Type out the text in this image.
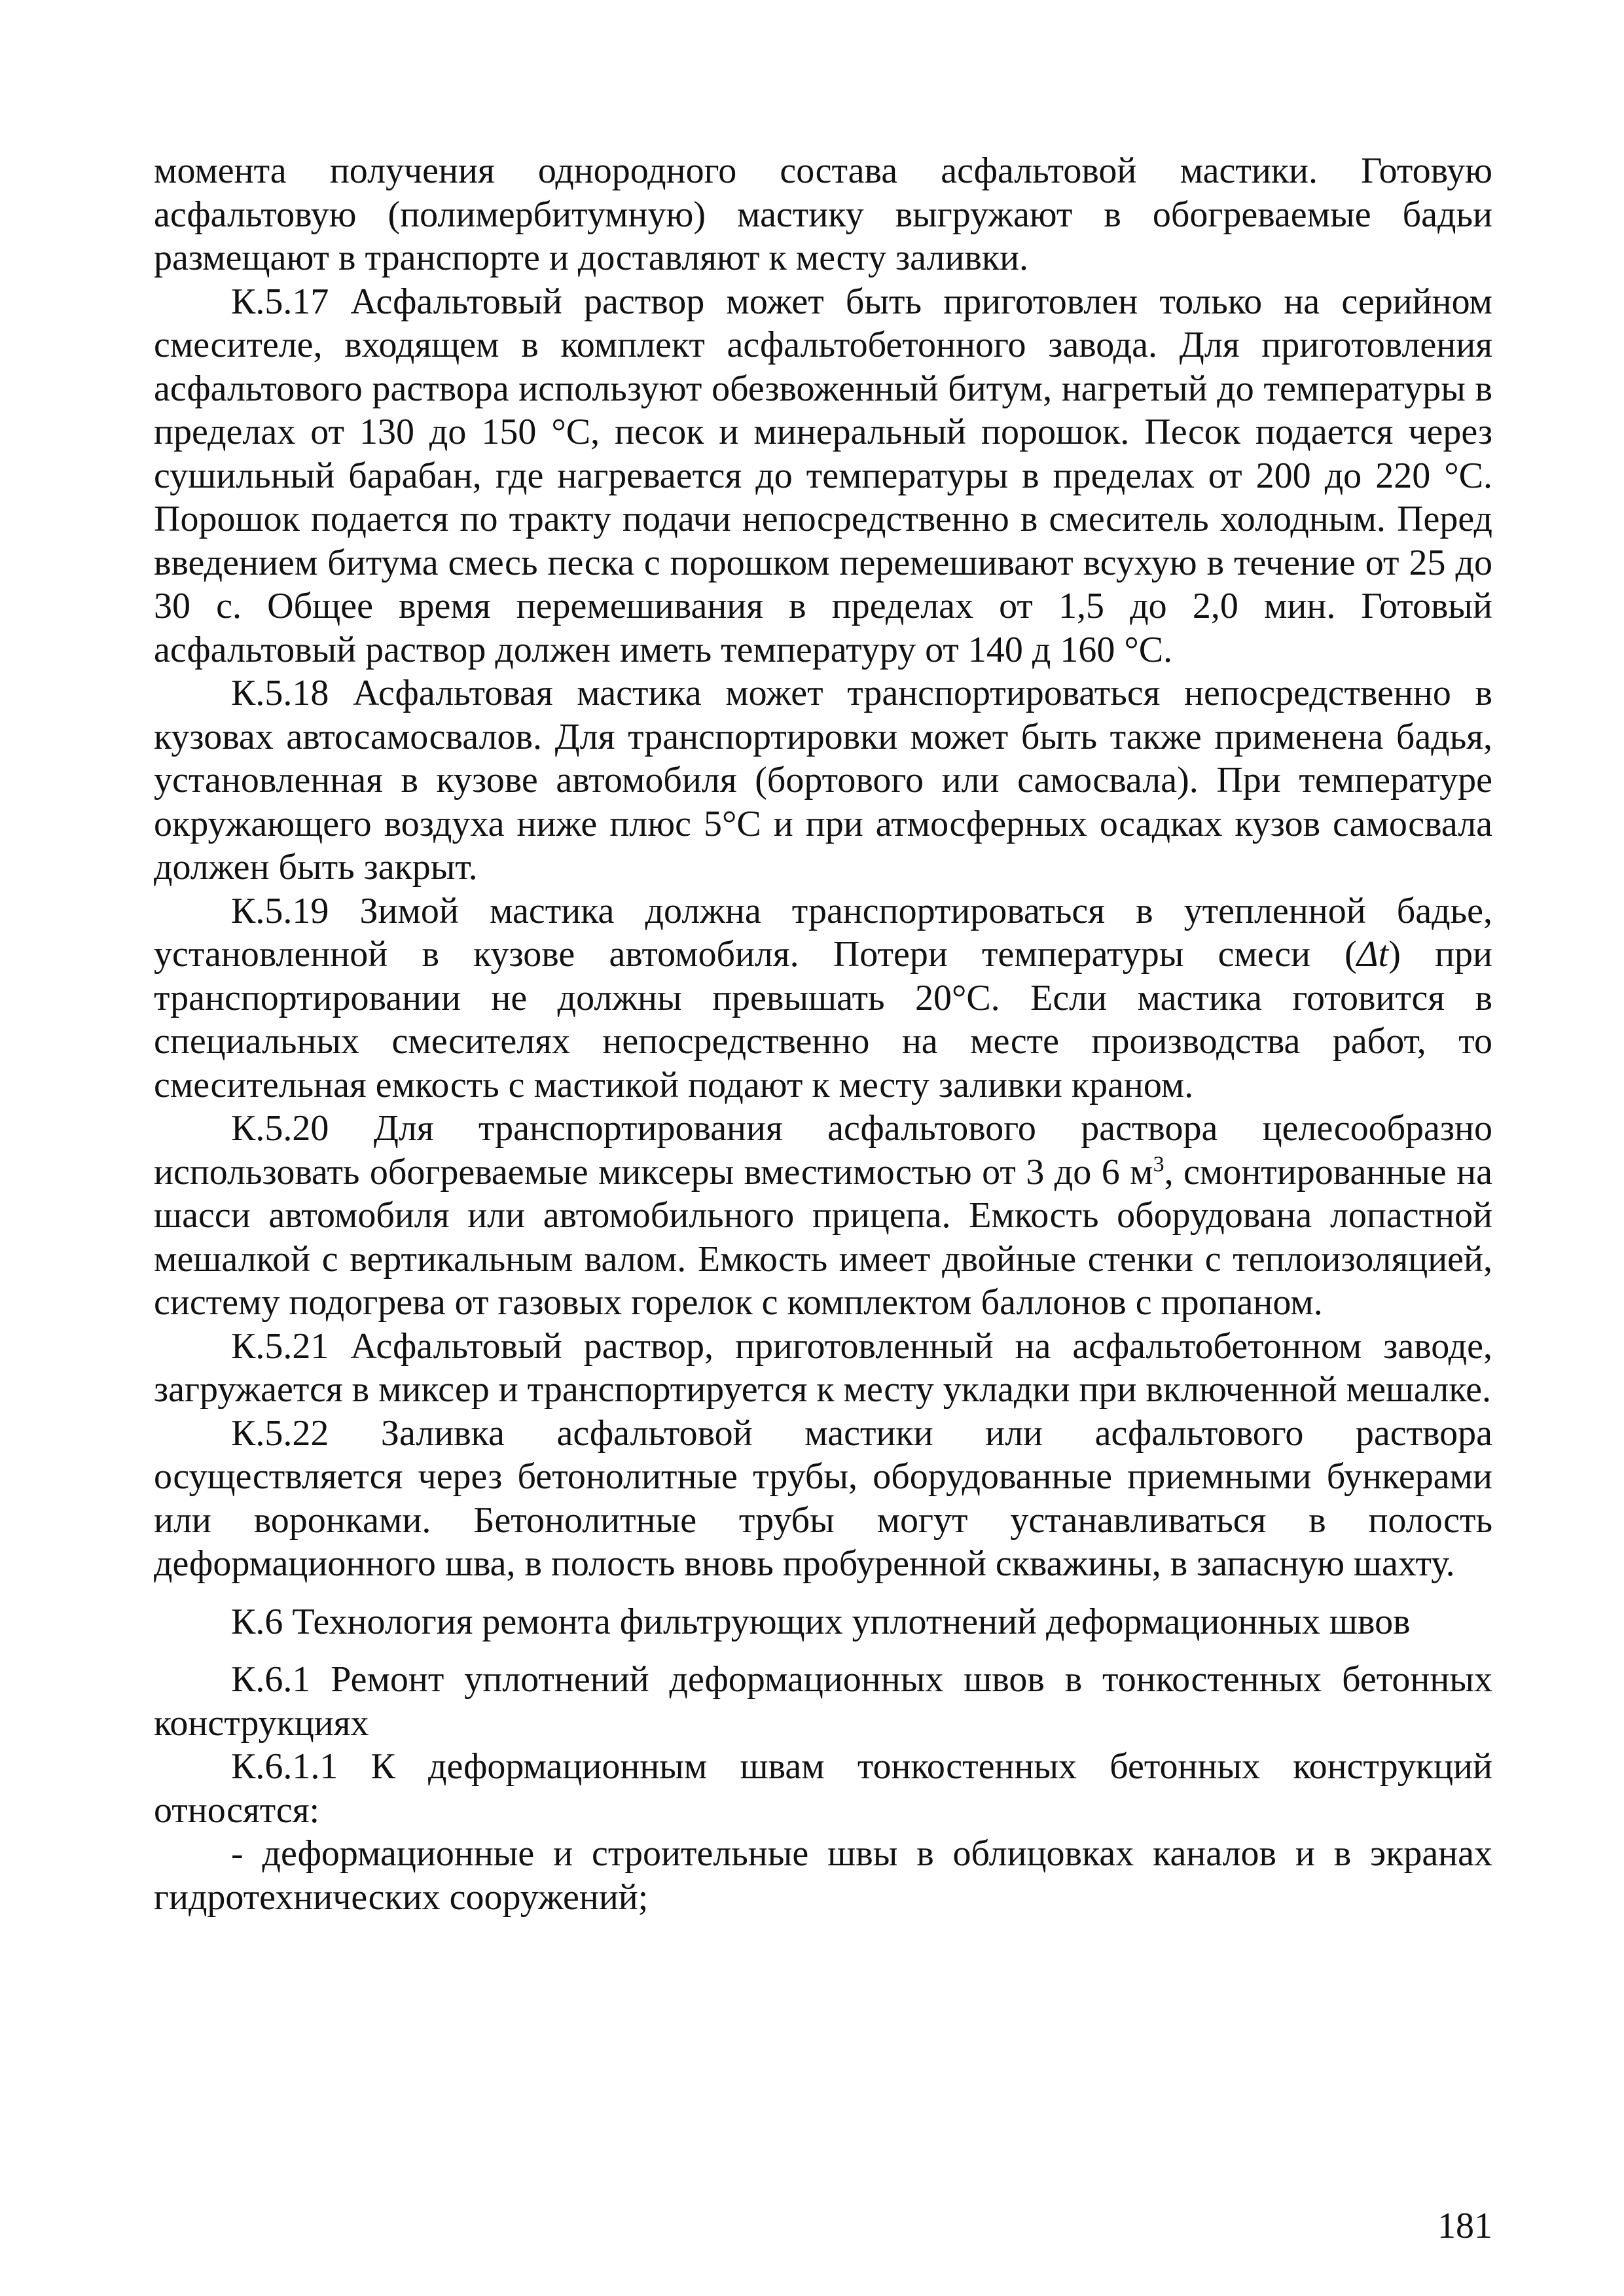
момента получения однородного состава асфальтовой мастики. Готовую асфальтовую (полимербитумную) мастику выгружают в обогреваемые бадьи размещают в транспорте и доставляют к месту заливки.

К.5.17 Асфальтовый раствор может быть приготовлен только на серийном смесителе, входящем в комплект асфальтобетонного завода. Для приготовления асфальтового раствора используют обезвоженный битум, нагретый до температуры в пределах от 130 до 150 °С, песок и минеральный порошок. Песок подается через сушильный барабан, где нагревается до температуры в пределах от 200 до 220 °С. Порошок подается по тракту подачи непосредственно в смеситель холодным. Перед введением битума смесь песка с порошком перемешивают всухую в течение от 25 до 30 с. Общее время перемешивания в пределах от 1,5 до 2,0 мин. Готовый асфальтовый раствор должен иметь температуру от 140 д 160 °С.

К.5.18 Асфальтовая мастика может транспортироваться непосредственно в кузовах автосамосвалов. Для транспортировки может быть также применена бадья, установленная в кузове автомобиля (бортового или самосвала). При температуре окружающего воздуха ниже плюс 5°С и при атмосферных осадках кузов самосвала должен быть закрыт.

К.5.19 Зимой мастика должна транспортироваться в утепленной бадье, установленной в кузове автомобиля. Потери температуры смеси (Δt) при транспортировании не должны превышать 20°С. Если мастика готовится в специальных смесителях непосредственно на месте производства работ, то смесительная емкость с мастикой подают к месту заливки краном.

К.5.20 Для транспортирования асфальтового раствора целесообразно использовать обогреваемые миксеры вместимостью от 3 до 6 $м^3$, смонтированные на шасси автомобиля или автомобильного прицепа. Емкость оборудована лопастной мешалкой с вертикальным валом. Емкость имеет двойные стенки с теплоизоляцией, систему подогрева от газовых горелок с комплектом баллонов с пропаном.

К.5.21 Асфальтовый раствор, приготовленный на асфальтобетонном заводе, загружается в миксер и транспортируется к месту укладки при включенной мешалке.

К.5.22 Заливка асфальтовой мастики или асфальтового раствора осуществляется через бетонолитные трубы, оборудованные приемными бункерами или воронками. Бетонолитные трубы могут устанавливаться в полость деформационного шва, в полость вновь пробуренной скважины, в запасную шахту.

К.6 Технология ремонта фильтрующих уплотнений деформационных швов

К.6.1 Ремонт уплотнений деформационных швов в тонкостенных бетонных конструкциях

К.6.1.1 К деформационным швам тонкостенных бетонных конструкций относятся:

- деформационные и строительные швы в облицовках каналов и в экранах гидротехнических сооружений;

181
